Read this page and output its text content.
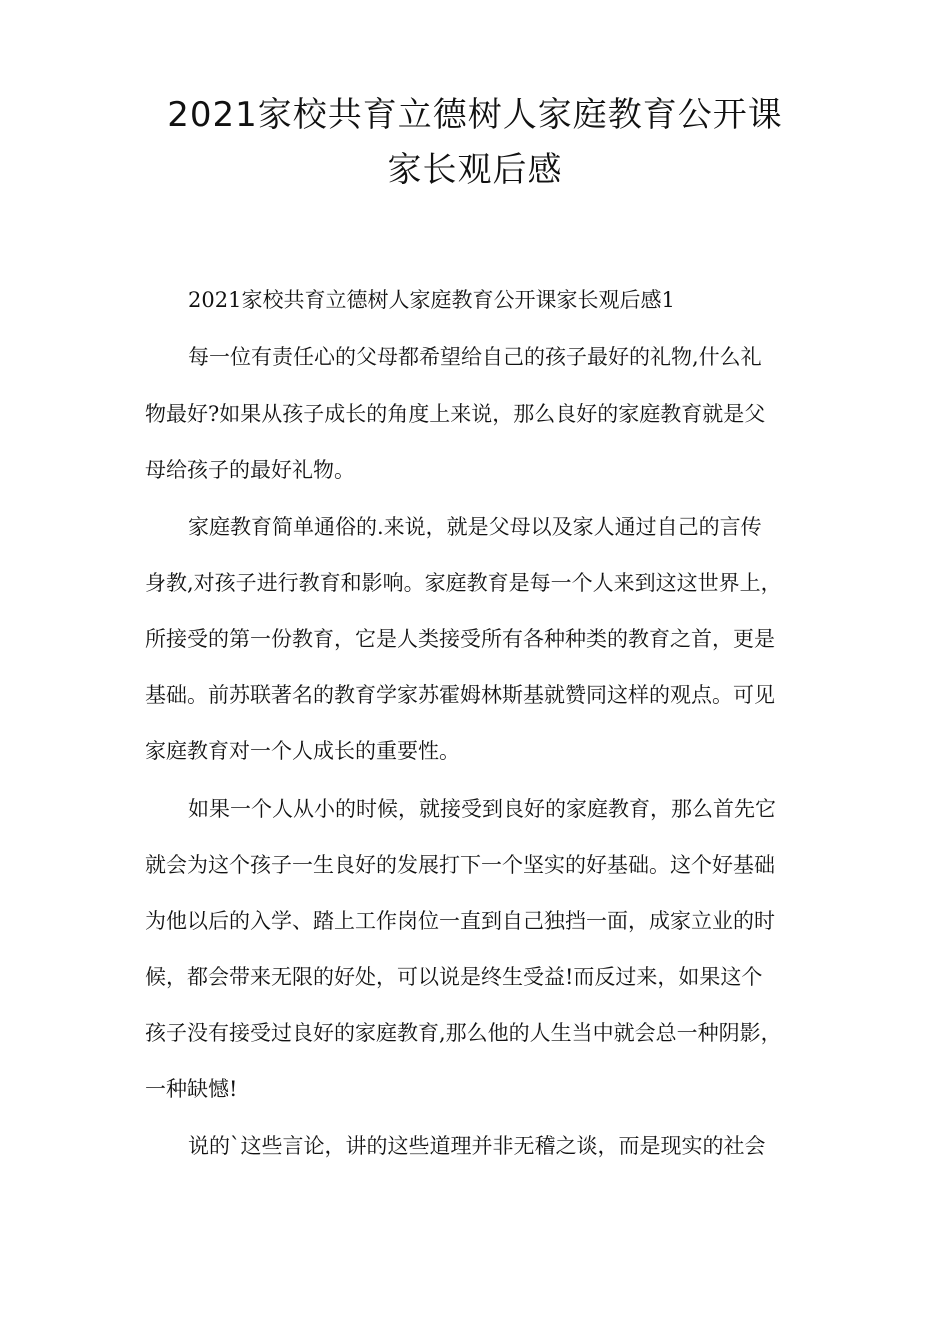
2021家校共育立德树人家庭教育公开课
家长观后感

2021家校共育立德树人家庭教育公开课家长观后感1

每一位有责任心的父母都希望给自己的孩子最好的礼物,什么礼

物最好?如果从孩子成长的角度上来说，那么良好的家庭教育就是父

母给孩子的最好礼物。

家庭教育简单通俗的.来说，就是父母以及家人通过自己的言传

身教,对孩子进行教育和影响。家庭教育是每一个人来到这这世界上，

所接受的第一份教育，它是人类接受所有各种种类的教育之首，更是

基础。前苏联著名的教育学家苏霍姆林斯基就赞同这样的观点。可见

家庭教育对一个人成长的重要性。

如果一个人从小的时候，就接受到良好的家庭教育，那么首先它

就会为这个孩子一生良好的发展打下一个坚实的好基础。这个好基础

为他以后的入学、踏上工作岗位一直到自己独挡一面，成家立业的时

候，都会带来无限的好处，可以说是终生受益!而反过来，如果这个

孩子没有接受过良好的家庭教育,那么他的人生当中就会总一种阴影，

一种缺憾!

说的`这些言论，讲的这些道理并非无稽之谈，而是现实的社会
